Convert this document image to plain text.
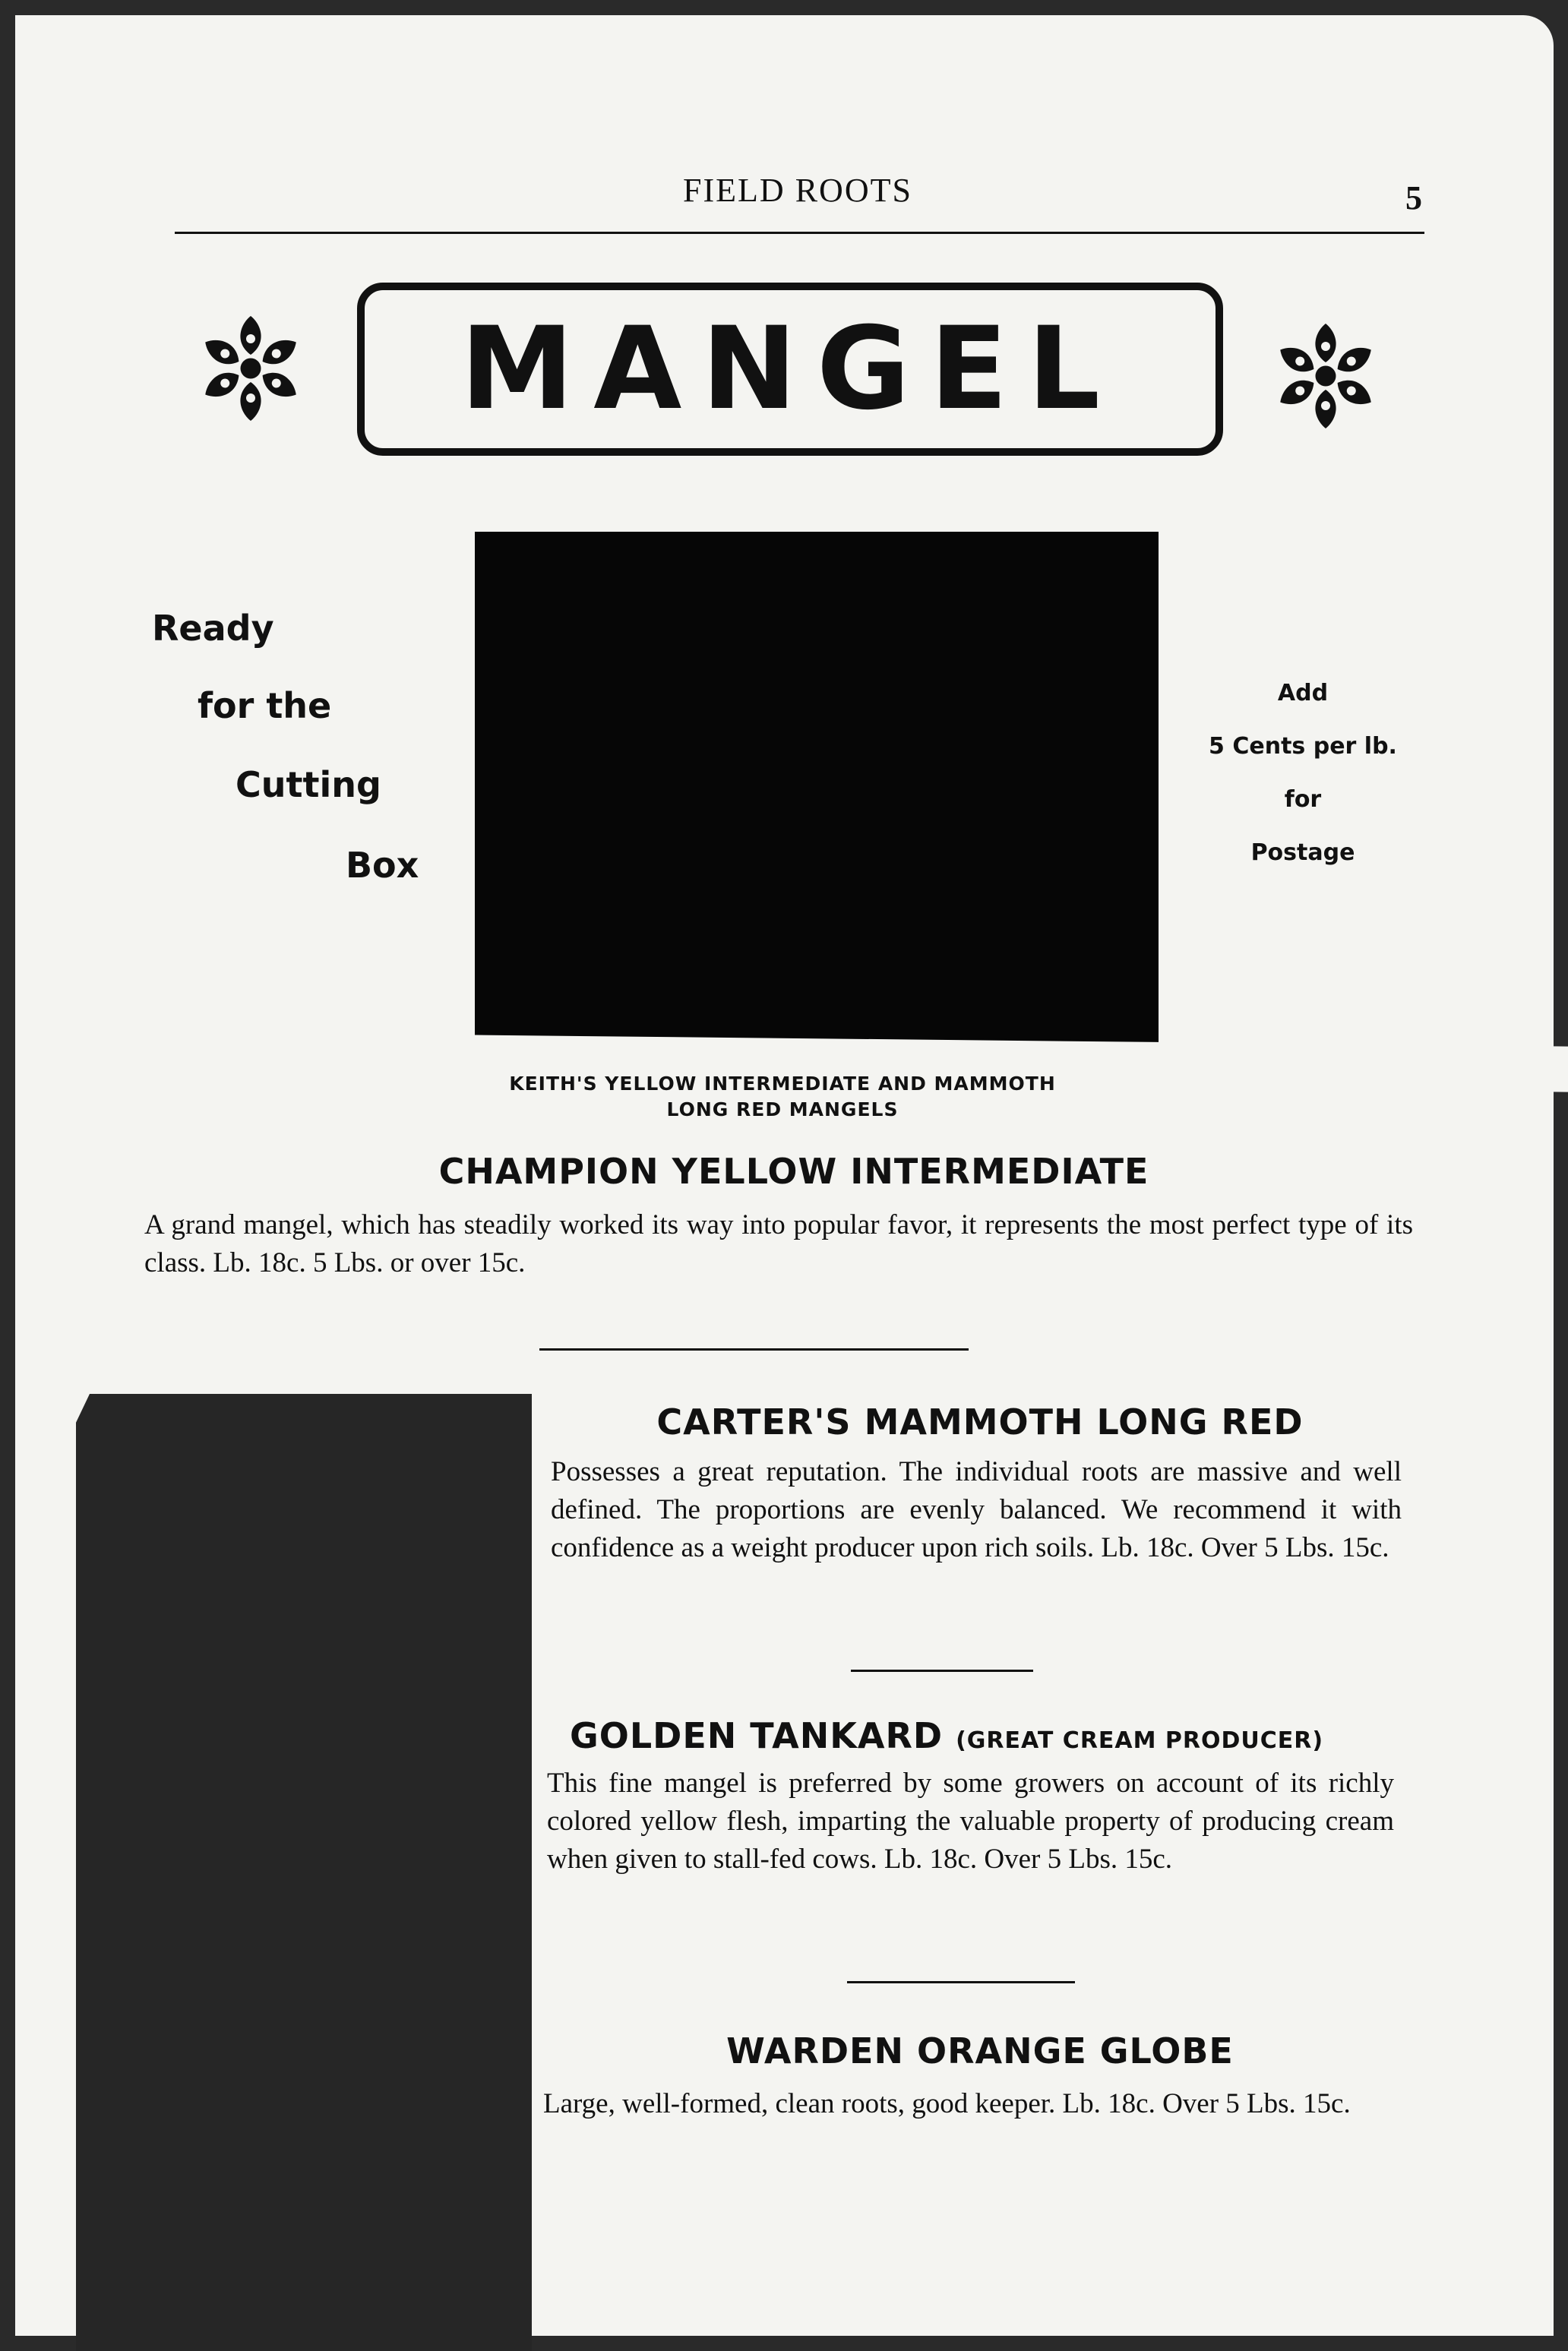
FIELD ROOTS	5
MANGEL
Ready
for the
Cutting
Box
Add
5 Cents per lb.
for
Postage
KEITH'S YELLOW INTERMEDIATE AND MAMMOTH
LONG RED MANGELS
CHAMPION YELLOW INTERMEDIATE
A grand mangel, which has steadily worked its way into popular favor, it represents the most perfect type of its class. Lb. 18c. 5 Lbs. or over 15c.
CARTER'S MAMMOTH LONG RED
Possesses a great reputation. The individual roots are massive and well defined. The proportions are evenly balanced. We recommend it with confidence as a weight producer upon rich soils. Lb. 18c. Over 5 Lbs. 15c.
GOLDEN TANKARD (GREAT CREAM PRODUCER)
This fine mangel is preferred by some growers on account of its richly colored yellow flesh, imparting the valuable property of producing cream when given to stall-fed cows. Lb. 18c. Over 5 Lbs. 15c.
WARDEN ORANGE GLOBE
Large, well-formed, clean roots, good keeper. Lb. 18c. Over 5 Lbs. 15c.
